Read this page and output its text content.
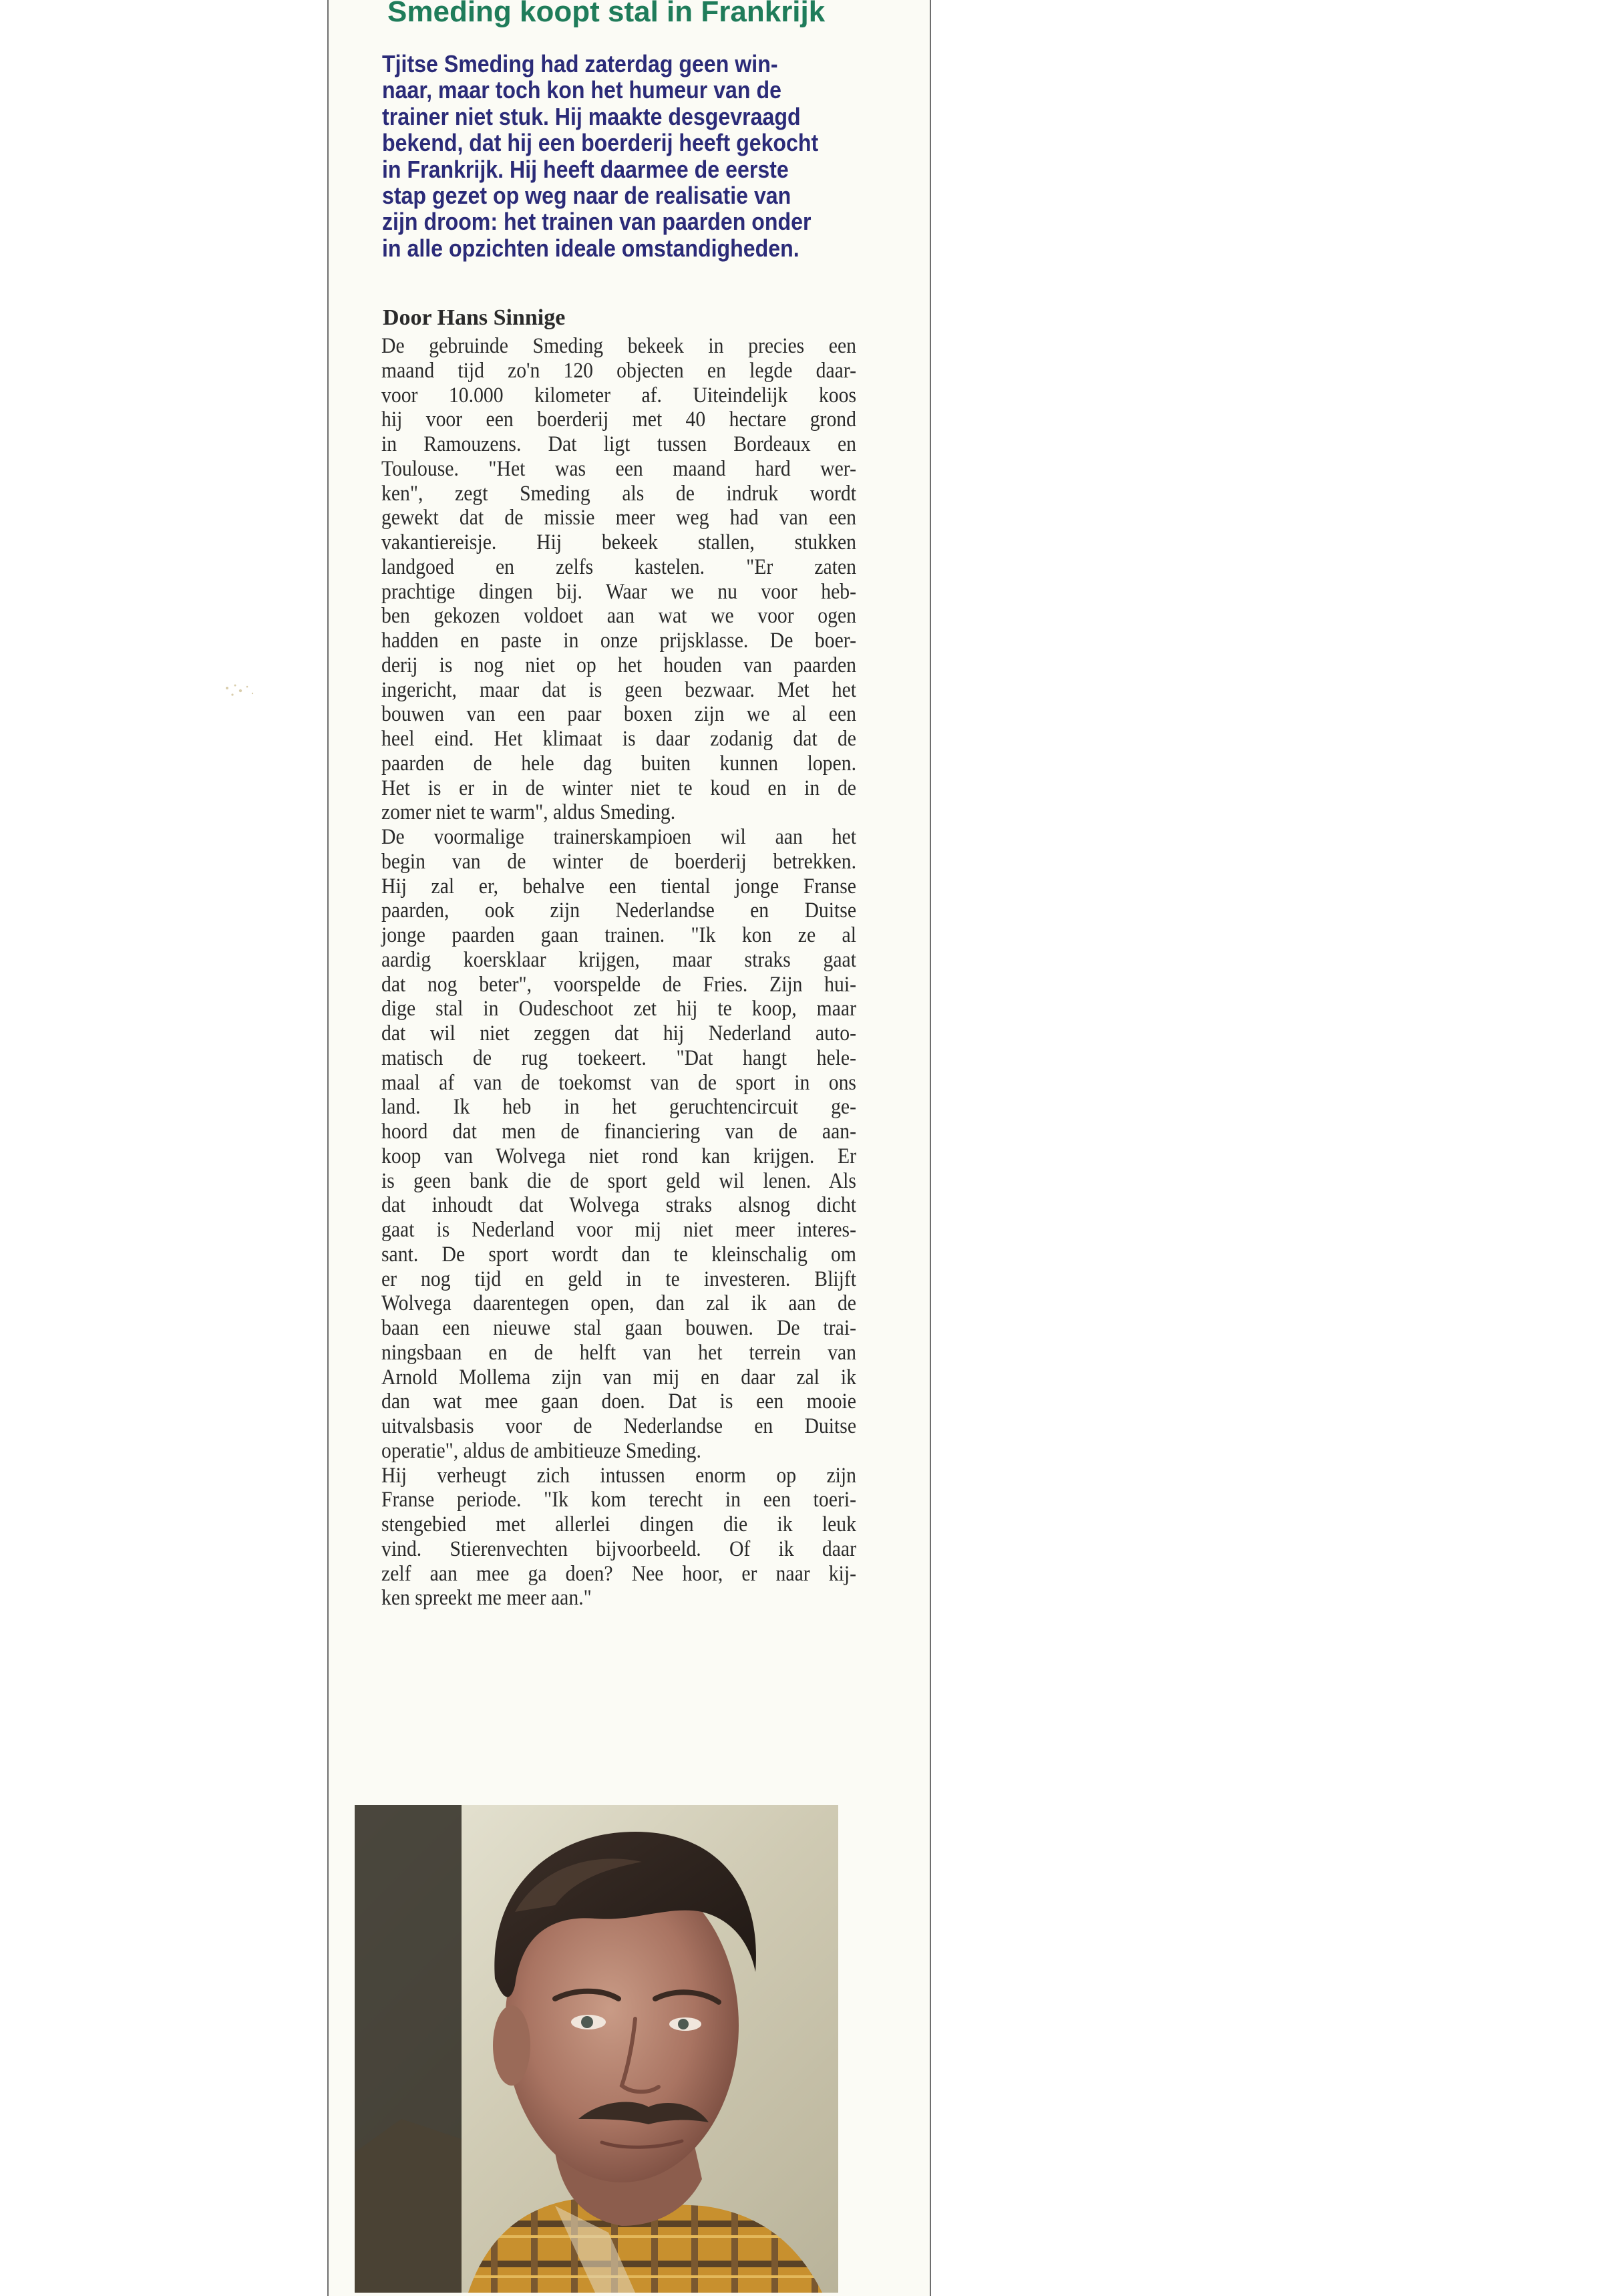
Smeding koopt stal in Frankrijk
Tjitse Smeding had zaterdag geen win-
naar, maar toch kon het humeur van de
trainer niet stuk. Hij maakte desgevraagd
bekend, dat hij een boerderij heeft gekocht
in Frankrijk. Hij heeft daarmee de eerste
stap gezet op weg naar de realisatie van
zijn droom: het trainen van paarden onder
in alle opzichten ideale omstandigheden.

Door Hans Sinnige

De gebruinde Smeding bekeek in precies een
maand tijd zo'n 120 objecten en legde daar-
voor 10.000 kilometer af. Uiteindelijk koos
hij voor een boerderij met 40 hectare grond
in Ramouzens. Dat ligt tussen Bordeaux en
Toulouse. "Het was een maand hard wer-
ken", zegt Smeding als de indruk wordt
gewekt dat de missie meer weg had van een
vakantiereisje. Hij bekeek stallen, stukken
landgoed en zelfs kastelen. "Er zaten
prachtige dingen bij. Waar we nu voor heb-
ben gekozen voldoet aan wat we voor ogen
hadden en paste in onze prijsklasse. De boer-
derij is nog niet op het houden van paarden
ingericht, maar dat is geen bezwaar. Met het
bouwen van een paar boxen zijn we al een
heel eind. Het klimaat is daar zodanig dat de
paarden de hele dag buiten kunnen lopen.
Het is er in de winter niet te koud en in de
zomer niet te warm", aldus Smeding.
De voormalige trainerskampioen wil aan het
begin van de winter de boerderij betrekken.
Hij zal er, behalve een tiental jonge Franse
paarden, ook zijn Nederlandse en Duitse
jonge paarden gaan trainen. "Ik kon ze al
aardig koersklaar krijgen, maar straks gaat
dat nog beter", voorspelde de Fries. Zijn hui-
dige stal in Oudeschoot zet hij te koop, maar
dat wil niet zeggen dat hij Nederland auto-
matisch de rug toekeert. "Dat hangt hele-
maal af van de toekomst van de sport in ons
land. Ik heb in het geruchtencircuit ge-
hoord dat men de financiering van de aan-
koop van Wolvega niet rond kan krijgen. Er
is geen bank die de sport geld wil lenen. Als
dat inhoudt dat Wolvega straks alsnog dicht
gaat is Nederland voor mij niet meer interes-
sant. De sport wordt dan te kleinschalig om
er nog tijd en geld in te investeren. Blijft
Wolvega daarentegen open, dan zal ik aan de
baan een nieuwe stal gaan bouwen. De trai-
ningsbaan en de helft van het terrein van
Arnold Mollema zijn van mij en daar zal ik
dan wat mee gaan doen. Dat is een mooie
uitvalsbasis voor de Nederlandse en Duitse
operatie", aldus de ambitieuze Smeding.
Hij verheugt zich intussen enorm op zijn
Franse periode. "Ik kom terecht in een toeri-
stengebied met allerlei dingen die ik leuk
vind. Stierenvechten bijvoorbeeld. Of ik daar
zelf aan mee ga doen? Nee hoor, er naar kij-
ken spreekt me meer aan."
